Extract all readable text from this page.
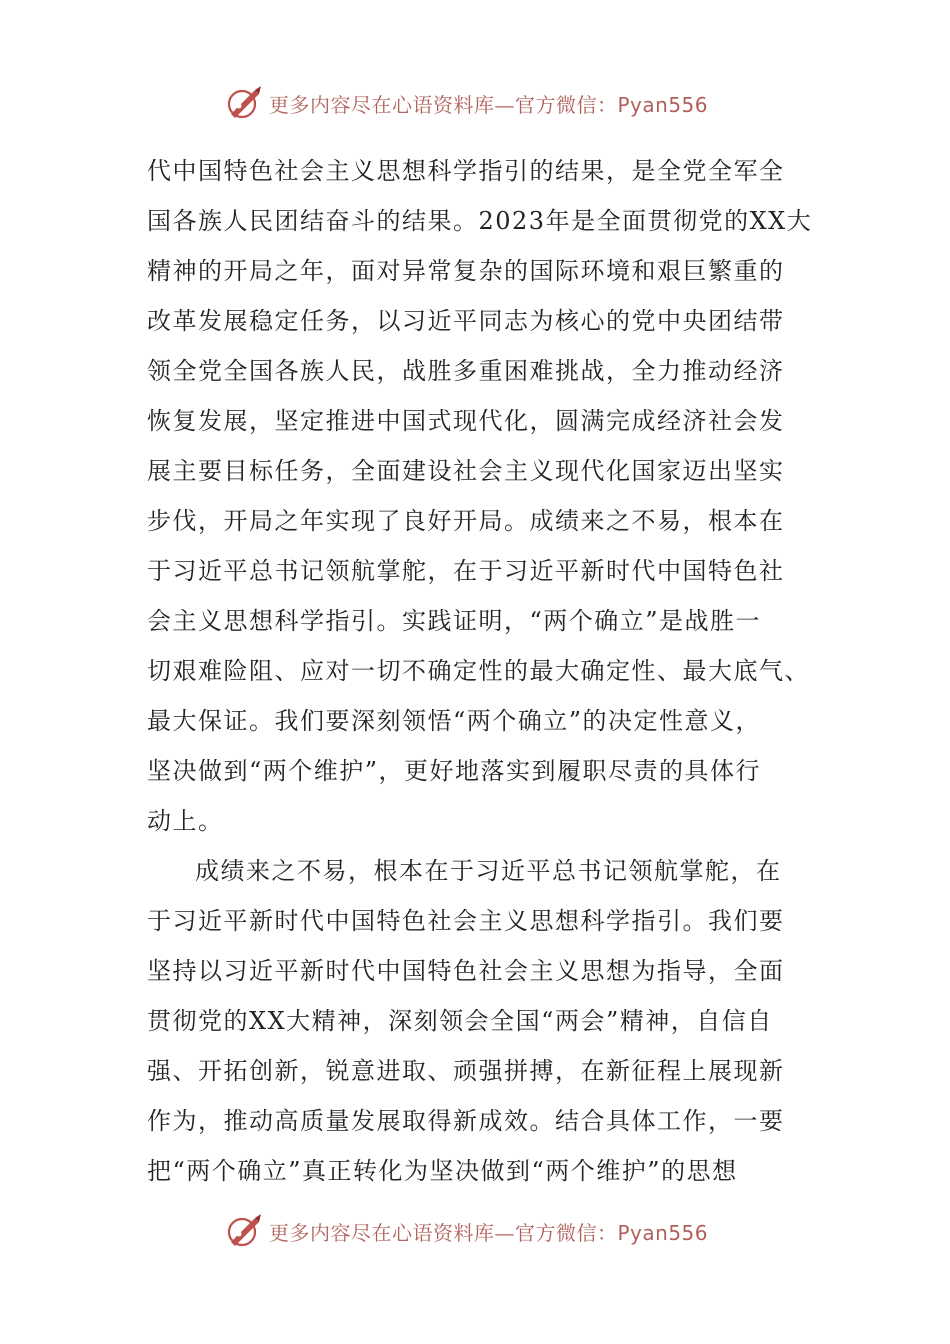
更多内容尽在心语资料库—官方微信：Pyan556
代中国特色社会主义思想科学指引的结果，是全党全军全
国各族人民团结奋斗的结果。2023年是全面贯彻党的XX大
精神的开局之年，面对异常复杂的国际环境和艰巨繁重的
改革发展稳定任务，以习近平同志为核心的党中央团结带
领全党全国各族人民，战胜多重困难挑战，全力推动经济
恢复发展，坚定推进中国式现代化，圆满完成经济社会发
展主要目标任务，全面建设社会主义现代化国家迈出坚实
步伐，开局之年实现了良好开局。成绩来之不易，根本在
于习近平总书记领航掌舵，在于习近平新时代中国特色社
会主义思想科学指引。实践证明，“两个确立”是战胜一
切艰难险阻、应对一切不确定性的最大确定性、最大底气、
最大保证。我们要深刻领悟“两个确立”的决定性意义，
坚决做到“两个维护”，更好地落实到履职尽责的具体行
动上。
成绩来之不易，根本在于习近平总书记领航掌舵，在
于习近平新时代中国特色社会主义思想科学指引。我们要
坚持以习近平新时代中国特色社会主义思想为指导，全面
贯彻党的XX大精神，深刻领会全国“两会”精神，自信自
强、开拓创新，锐意进取、顽强拼搏，在新征程上展现新
作为，推动高质量发展取得新成效。结合具体工作，一要
把“两个确立”真正转化为坚决做到“两个维护”的思想
更多内容尽在心语资料库—官方微信：Pyan556
